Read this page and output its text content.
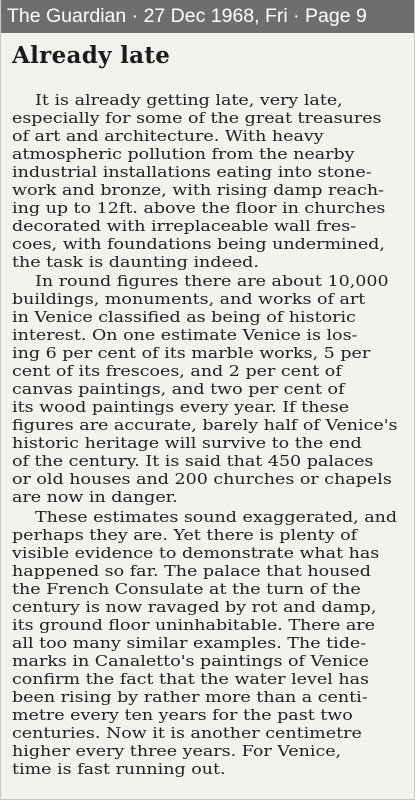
The Guardian · 27 Dec 1968, Fri · Page 9
Already late
It is already getting late, very late,
especially for some of the great treasures
of art and architecture. With heavy
atmospheric pollution from the nearby
industrial installations eating into stone-
work and bronze, with rising damp reach-
ing up to 12ft. above the floor in churches
decorated with irreplaceable wall fres-
coes, with foundations being undermined,
the task is daunting indeed.
In round figures there are about 10,000
buildings, monuments, and works of art
in Venice classified as being of historic
interest. On one estimate Venice is los-
ing 6 per cent of its marble works, 5 per
cent of its frescoes, and 2 per cent of
canvas paintings, and two per cent of
its wood paintings every year. If these
figures are accurate, barely half of Venice's
historic heritage will survive to the end
of the century. It is said that 450 palaces
or old houses and 200 churches or chapels
are now in danger.
These estimates sound exaggerated, and
perhaps they are. Yet there is plenty of
visible evidence to demonstrate what has
happened so far. The palace that housed
the French Consulate at the turn of the
century is now ravaged by rot and damp,
its ground floor uninhabitable. There are
all too many similar examples. The tide-
marks in Canaletto's paintings of Venice
confirm the fact that the water level has
been rising by rather more than a centi-
metre every ten years for the past two
centuries. Now it is another centimetre
higher every three years. For Venice,
time is fast running out.
